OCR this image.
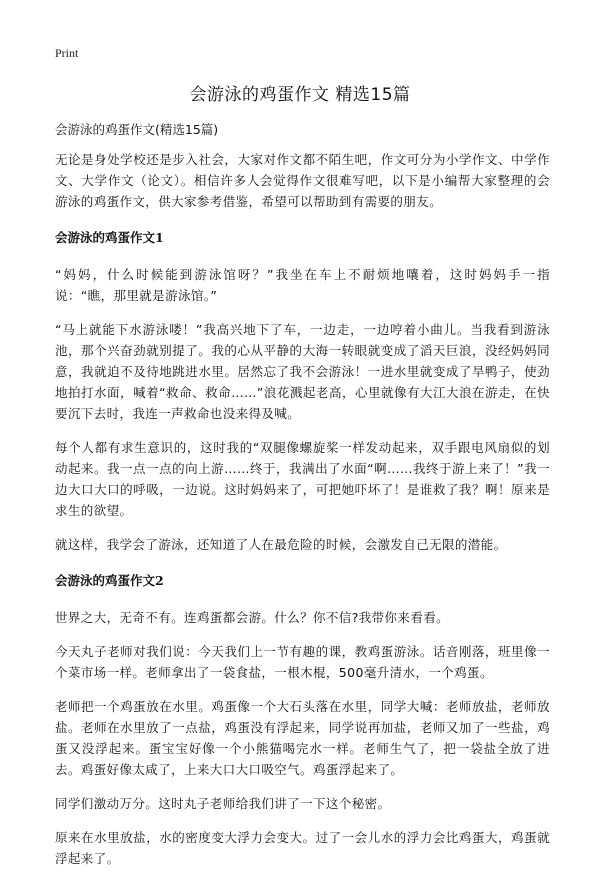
Print
会游泳的鸡蛋作文 精选15篇

会游泳的鸡蛋作文(精选15篇)

无论是身处学校还是步入社会，大家对作文都不陌生吧，作文可分为小学作文、中学作文、大学作文（论文）。相信许多人会觉得作文很难写吧，以下是小编帮大家整理的会游泳的鸡蛋作文，供大家参考借鉴，希望可以帮助到有需要的朋友。

会游泳的鸡蛋作文1

“妈妈，什么时候能到游泳馆呀？”我坐在车上不耐烦地嚷着，这时妈妈手一指说：“瞧，那里就是游泳馆。”

“马上就能下水游泳喽！”我高兴地下了车，一边走，一边哼着小曲儿。当我看到游泳池，那个兴奋劲就别提了。我的心从平静的大海一转眼就变成了滔天巨浪，没经妈妈同意，我就迫不及待地跳进水里。居然忘了我不会游泳！一进水里就变成了旱鸭子，使劲地拍打水面，喊着“救命、救命……”浪花溅起老高，心里就像有大江大浪在游走，在快要沉下去时，我连一声救命也没来得及喊。

每个人都有求生意识的，这时我的“双腿像螺旋桨一样发动起来，双手跟电风扇似的划动起来。我一点一点的向上游……终于，我满出了水面“啊……我终于游上来了！”我一边大口大口的呼吸，一边说。这时妈妈来了，可把她吓坏了！是谁救了我？啊！原来是求生的欲望。

就这样，我学会了游泳，还知道了人在最危险的时候，会激发自己无限的潜能。

会游泳的鸡蛋作文2

世界之大，无奇不有。连鸡蛋都会游。什么？你不信?我带你来看看。

今天丸子老师对我们说：今天我们上一节有趣的课，教鸡蛋游泳。话音刚落，班里像一个菜市场一样。老师拿出了一袋食盐，一根木棍，500毫升清水，一个鸡蛋。

老师把一个鸡蛋放在水里。鸡蛋像一个大石头落在水里，同学大喊：老师放盐，老师放盐。老师在水里放了一点盐，鸡蛋没有浮起来，同学说再加盐，老师又加了一些盐，鸡蛋又没浮起来。蛋宝宝好像一个小熊猫喝完水一样。老师生气了，把一袋盐全放了进去。鸡蛋好像太咸了，上来大口大口吸空气。鸡蛋浮起来了。

同学们激动万分。这时丸子老师给我们讲了一下这个秘密。

原来在水里放盐，水的密度变大浮力会变大。过了一会儿水的浮力会比鸡蛋大，鸡蛋就浮起来了。
